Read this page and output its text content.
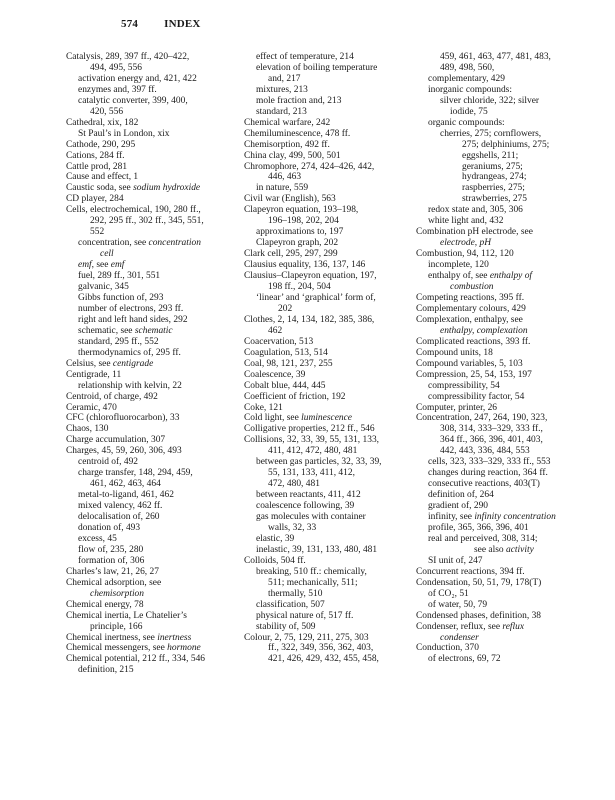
574 INDEX
Catalysis, 289, 397 ff., 420–422,
494, 495, 556
activation energy and, 421, 422
enzymes and, 397 ff.
catalytic converter, 399, 400,
420, 556
Cathedral, xix, 182
St Paul’s in London, xix
Cathode, 290, 295
Cations, 284 ff.
Cattle prod, 281
Cause and effect, 1
Caustic soda, see sodium hydroxide
CD player, 284
Cells, electrochemical, 190, 280 ff.,
292, 295 ff., 302 ff., 345, 551,
552
concentration, see concentration
cell
emf, see emf
fuel, 289 ff., 301, 551
galvanic, 345
Gibbs function of, 293
number of electrons, 293 ff.
right and left hand sides, 292
schematic, see schematic
standard, 295 ff., 552
thermodynamics of, 295 ff.
Celsius, see centigrade
Centigrade, 11
relationship with kelvin, 22
Centroid, of charge, 492
Ceramic, 470
CFC (chlorofluorocarbon), 33
Chaos, 130
Charge accumulation, 307
Charges, 45, 59, 260, 306, 493
centroid of, 492
charge transfer, 148, 294, 459,
461, 462, 463, 464
metal-to-ligand, 461, 462
mixed valency, 462 ff.
delocalisation of, 260
donation of, 493
excess, 45
flow of, 235, 280
formation of, 306
Charles’s law, 21, 26, 27
Chemical adsorption, see
chemisorption
Chemical energy, 78
Chemical inertia, Le Chatelier’s
principle, 166
Chemical inertness, see inertness
Chemical messengers, see hormone
Chemical potential, 212 ff., 334, 546
definition, 215
effect of temperature, 214
elevation of boiling temperature
and, 217
mixtures, 213
mole fraction and, 213
standard, 213
Chemical warfare, 242
Chemiluminescence, 478 ff.
Chemisorption, 492 ff.
China clay, 499, 500, 501
Chromophore, 274, 424–426, 442,
446, 463
in nature, 559
Civil war (English), 563
Clapeyron equation, 193–198,
196–198, 202, 204
approximations to, 197
Clapeyron graph, 202
Clark cell, 295, 297, 299
Clausius equality, 136, 137, 146
Clausius–Clapeyron equation, 197,
198 ff., 204, 504
‘linear’ and ‘graphical’ form of,
202
Clothes, 2, 14, 134, 182, 385, 386,
462
Coacervation, 513
Coagulation, 513, 514
Coal, 98, 121, 237, 255
Coalescence, 39
Cobalt blue, 444, 445
Coefficient of friction, 192
Coke, 121
Cold light, see luminescence
Colligative properties, 212 ff., 546
Collisions, 32, 33, 39, 55, 131, 133,
411, 412, 472, 480, 481
between gas particles, 32, 33, 39,
55, 131, 133, 411, 412,
472, 480, 481
between reactants, 411, 412
coalescence following, 39
gas molecules with container
walls, 32, 33
elastic, 39
inelastic, 39, 131, 133, 480, 481
Colloids, 504 ff.
breaking, 510 ff.: chemically,
511; mechanically, 511;
thermally, 510
classification, 507
physical nature of, 517 ff.
stability of, 509
Colour, 2, 75, 129, 211, 275, 303
ff., 322, 349, 356, 362, 403,
421, 426, 429, 432, 455, 458,
459, 461, 463, 477, 481, 483,
489, 498, 560,
complementary, 429
inorganic compounds:
silver chloride, 322; silver
iodide, 75
organic compounds:
cherries, 275; cornflowers,
275; delphiniums, 275;
eggshells, 211;
geraniums, 275;
hydrangeas, 274;
raspberries, 275;
strawberries, 275
redox state and, 305, 306
white light and, 432
Combination pH electrode, see
electrode, pH
Combustion, 94, 112, 120
incomplete, 120
enthalpy of, see enthalpy of
combustion
Competing reactions, 395 ff.
Complementary colours, 429
Complexation, enthalpy, see
enthalpy, complexation
Complicated reactions, 393 ff.
Compound units, 18
Compound variables, 5, 103
Compression, 25, 54, 153, 197
compressibility, 54
compressibility factor, 54
Computer, printer, 26
Concentration, 247, 264, 190, 323,
308, 314, 333–329, 333 ff.,
364 ff., 366, 396, 401, 403,
442, 443, 336, 484, 553
cells, 323, 333–329, 333 ff., 553
changes during reaction, 364 ff.
consecutive reactions, 403(T)
definition of, 264
gradient of, 290
infinity, see infinity concentration
profile, 365, 366, 396, 401
real and perceived, 308, 314;
see also activity
SI unit of, 247
Concurrent reactions, 394 ff.
Condensation, 50, 51, 79, 178(T)
of CO₂, 51
of water, 50, 79
Condensed phases, definition, 38
Condenser, reflux, see reflux
condenser
Conduction, 370
of electrons, 69, 72
